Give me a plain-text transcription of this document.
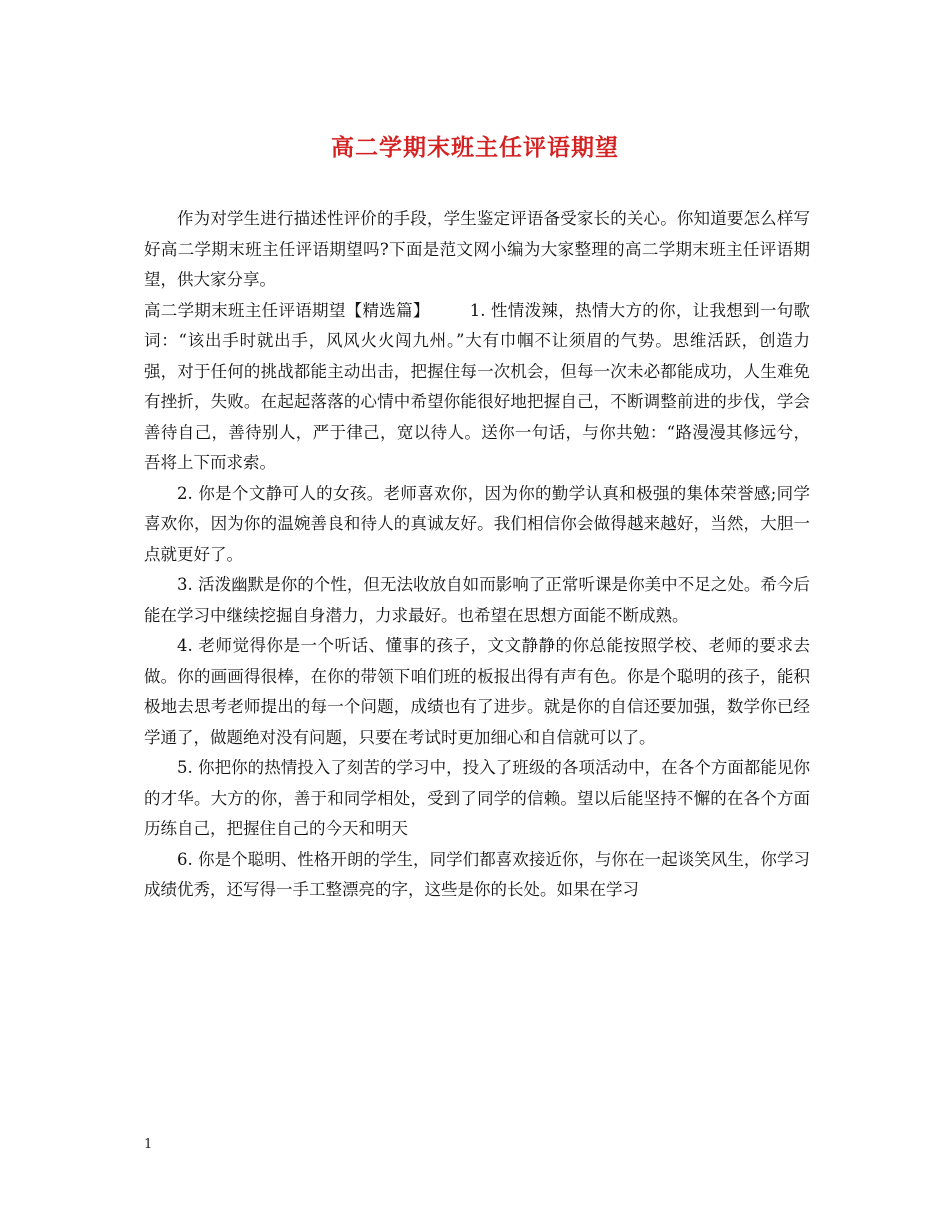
高二学期末班主任评语期望

作为对学生进行描述性评价的手段，学生鉴定评语备受家长的关心。你知道要怎么样写好高二学期末班主任评语期望吗?下面是范文网小编为大家整理的高二学期末班主任评语期望，供大家分享。

高二学期末班主任评语期望【精选篇】 1. 性情泼辣，热情大方的你，让我想到一句歌词：“该出手时就出手，风风火火闯九州。”大有巾帼不让须眉的气势。思维活跃，创造力强，对于任何的挑战都能主动出击，把握住每一次机会，但每一次未必都能成功，人生难免有挫折，失败。在起起落落的心情中希望你能很好地把握自己，不断调整前进的步伐，学会善待自己，善待别人，严于律己，宽以待人。送你一句话，与你共勉：“路漫漫其修远兮，吾将上下而求索。

2. 你是个文静可人的女孩。老师喜欢你，因为你的勤学认真和极强的集体荣誉感;同学喜欢你，因为你的温婉善良和待人的真诚友好。我们相信你会做得越来越好，当然，大胆一点就更好了。

3. 活泼幽默是你的个性，但无法收放自如而影响了正常听课是你美中不足之处。希今后能在学习中继续挖掘自身潜力，力求最好。也希望在思想方面能不断成熟。

4. 老师觉得你是一个听话、懂事的孩子，文文静静的你总能按照学校、老师的要求去做。你的画画得很棒，在你的带领下咱们班的板报出得有声有色。你是个聪明的孩子，能积极地去思考老师提出的每一个问题，成绩也有了进步。就是你的自信还要加强，数学你已经学通了，做题绝对没有问题，只要在考试时更加细心和自信就可以了。

5. 你把你的热情投入了刻苦的学习中，投入了班级的各项活动中，在各个方面都能见你的才华。大方的你，善于和同学相处，受到了同学的信赖。望以后能坚持不懈的在各个方面历练自己，把握住自己的今天和明天

6. 你是个聪明、性格开朗的学生，同学们都喜欢接近你，与你在一起谈笑风生，你学习成绩优秀，还写得一手工整漂亮的字，这些是你的长处。如果在学习

1
